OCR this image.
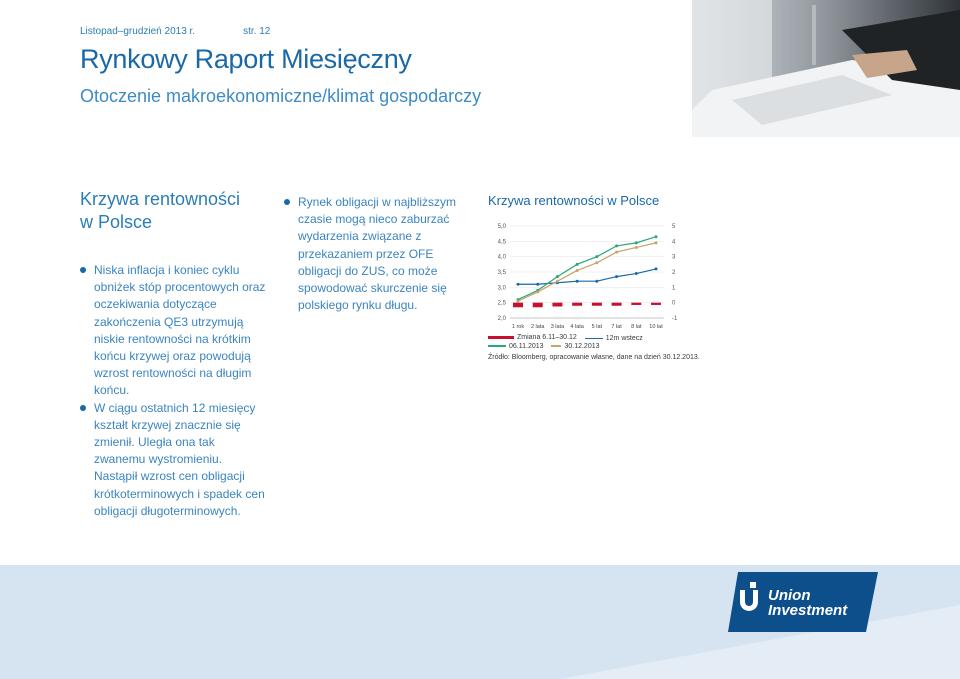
Listopad–grudzień 2013 r.	str. 12
Rynkowy Raport Miesięczny
Otoczenie makroekonomiczne/klimat gospodarczy
Krzywa rentowności
w Polsce
Niska inflacja i koniec cyklu obniżek stóp procentowych oraz oczekiwania dotyczące zakończenia QE3 utrzymują niskie rentowności na krótkim końcu krzywej oraz powodują wzrost rentowności na długim końcu.
W ciągu ostatnich 12 miesięcy kształt krzywej znacznie się zmienił. Uległa ona tak zwanemu wystromieniu. Nastąpił wzrost cen obligacji krótkoterminowych i spadek cen obligacji długoterminowych.
Rynek obligacji w najbliższym czasie mogą nieco zaburzać wydarzenia związane z przekazaniem przez OFE obligacji do ZUS, co może spowodować skurczenie się polskiego rynku długu.
Krzywa rentowności w Polsce
5,0
4,5
4,0
3,5
3,0
2,5
2,0
5
4
3
2
1
0
-1
1 rok 2 lata 3 lata 4 lata 5 lat 7 lat 8 lat 10 lat
Zmiana 6.11–30.12
	12m wstecz

06.11.2013
	30.12.2013
Źródło: Bloomberg, opracowanie własne, dane na dzień 30.12.2013.
Union
Investment
